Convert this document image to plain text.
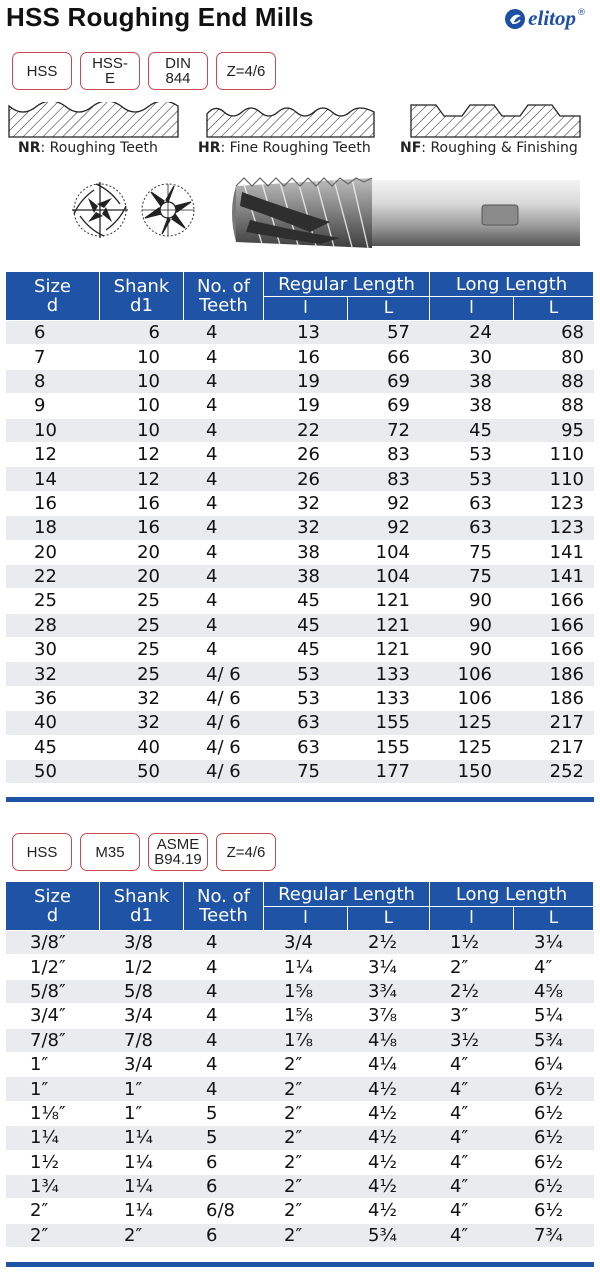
HSS Roughing End Mills	elitop ®
HSS HSS-E
DIN
844 Z=4/6
NR: Roughing Teeth	HR: Fine Roughing Teeth NF: Roughing & Finishing
Size
d	Shank
d1	No. of
Teeth	Regular Length		Long Length	
			l	L	l	L
6	6	4	13	57	24	68
7	10	4	16	66	30	80
8	10	4	19	69	38	88
9	10	4	19	69	38	88
10	10	4	22	72	45	95
12	12	4	26	83	53	110
14	12	4	26	83	53	110
16	16	4	32	92	63	123
18	16	4	32	92	63	123
20	20	4	38	104	75	141
22	20	4	38	104	75	141
25	25	4	45	121	90	166
28	25	4	45	121	90	166
30	25	4	45	121	90	166
32	25	4/ 6	53	133	106	186
36	32	4/ 6	53	133	106	186
40	32	4/ 6	63	155	125	217
45	40	4/ 6	63	155	125	217
50	50	4/ 6	75	177	150	252
HSS	M35 ASME
B94.19 Z=4/6
Size
d	Shank
d1	No. of
Teeth	Regular Length		Long Length	
			l	L	l	L
3/8″	3/8	4	3/4	2½	1½	3¼
1/2″	1/2	4	1¼	3¼	2″	4″
5/8″	5/8	4	1⅝	3¾	2½	4⅝
3/4″	3/4	4	1⅝	3⅞	3″	5¼
7/8″	7/8	4	1⅞	4⅛	3½	5¾
1″	3/4	4	2″	4¼	4″	6¼
1″	1″	4	2″	4½	4″	6½
1⅛″	1″	5	2″	4½	4″	6½
1¼	1¼	5	2″	4½	4″	6½
1½	1¼	6	2″	4½	4″	6½
1¾	1¼	6	2″	4½	4″	6½
2″	1¼	6/8	2″	4½	4″	6½
2″	2″	6	2″	5¾	4″	7¾
